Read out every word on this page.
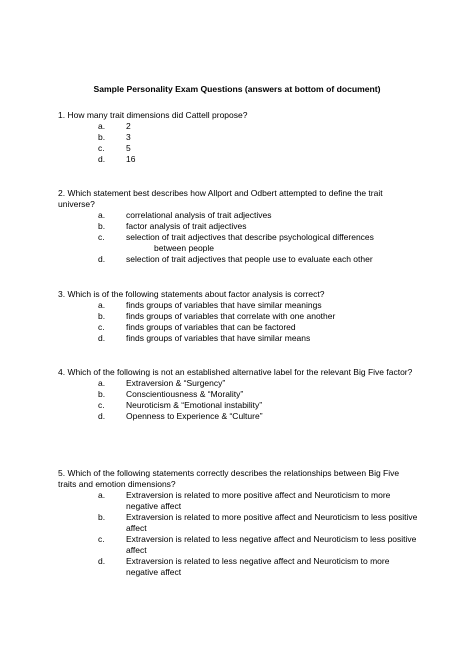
Sample Personality Exam Questions (answers at bottom of document)

1. How many trait dimensions did Cattell propose?

a. 2
b. 3
c.	5
d. 16

2. Which statement best describes how Allport and Odbert attempted to define the trait universe?

a. correlational analysis of trait adjectives
b. factor analysis of trait adjectives
c.	selection of trait adjectives that describe psychological differences
between people
d. selection of trait adjectives that people use to evaluate each other

3. Which is of the following statements about factor analysis is correct?

a. finds groups of variables that have similar meanings
b. finds groups of variables that correlate with one another
c.	finds groups of variables that can be factored
d. finds groups of variables that have similar means

4. Which of the following is not an established alternative label for the relevant Big Five factor?

a. Extraversion & “Surgency”
b. Conscientiousness & “Morality”
c.	Neuroticism & “Emotional instability”
d. Openness to Experience & “Culture”

5. Which of the following statements correctly describes the relationships between Big Five traits and emotion dimensions?

a. Extraversion is related to more positive affect and Neuroticism to more negative affect
b. Extraversion is related to more positive affect and Neuroticism to less positive affect
c.	Extraversion is related to less negative affect and Neuroticism to less positive affect
d. Extraversion is related to less negative affect and Neuroticism to more negative affect
